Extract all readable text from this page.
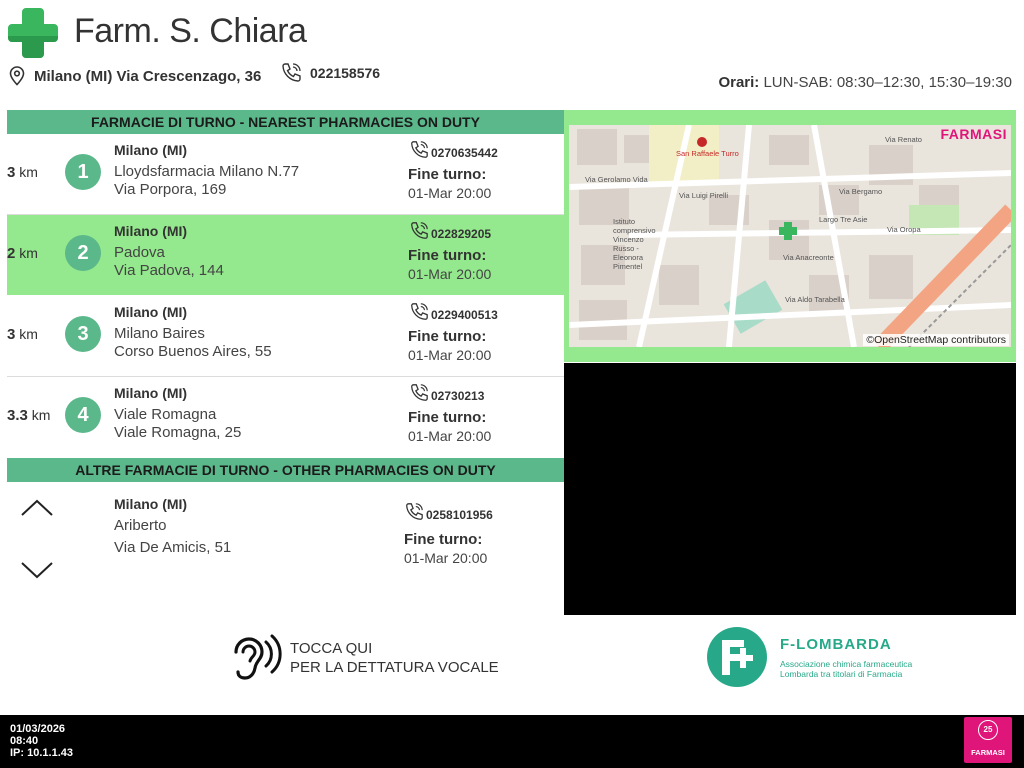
Farm. S. Chiara
Milano (MI) Via Crescenzago, 36	022158576
Orari: LUN-SAB: 08:30–12:30, 15:30–19:30
FARMACIE DI TURNO - NEAREST PHARMACIES ON DUTY
3 km	1
Milano (MI)
Lloydsfarmacia Milano N.77
Via Porpora, 169
0270635442
Fine turno:
01-Mar 20:00
2 km	2
Milano (MI)
Padova
Via Padova, 144
022829205
Fine turno:
01-Mar 20:00
3 km	3
Milano (MI)
Milano Baires
Corso Buenos Aires, 55
0229400513
Fine turno:
01-Mar 20:00
3.3 km	4
Milano (MI)
Viale Romagna
Viale Romagna, 25
02730213
Fine turno:
01-Mar 20:00
ALTRE FARMACIE DI TURNO - OTHER PHARMACIES ON DUTY
Milano (MI)
Ariberto
Via De Amicis, 51
0258101956
Fine turno:
01-Mar 20:00
San Raffaele Turro
Via Gerolamo Vida
Via Luigi Pirelli
Istituto comprensivo Vincenzo Russo - Eleonora Pimentel
Via Anacreonte
Via Aldo Tarabella
Via Renato
Via Oropa
Via Bergamo
Largo Tre Asie
FARMASI
©OpenStreetMap contributors
TOCCA QUI
PER LA DETTATURA VOCALE
F-LOMBARDA
Associazione chimica farmaceutica
Lombarda tra titolari di Farmacia
01/03/2026
08:40
IP: 10.1.1.43
25
FARMASI
